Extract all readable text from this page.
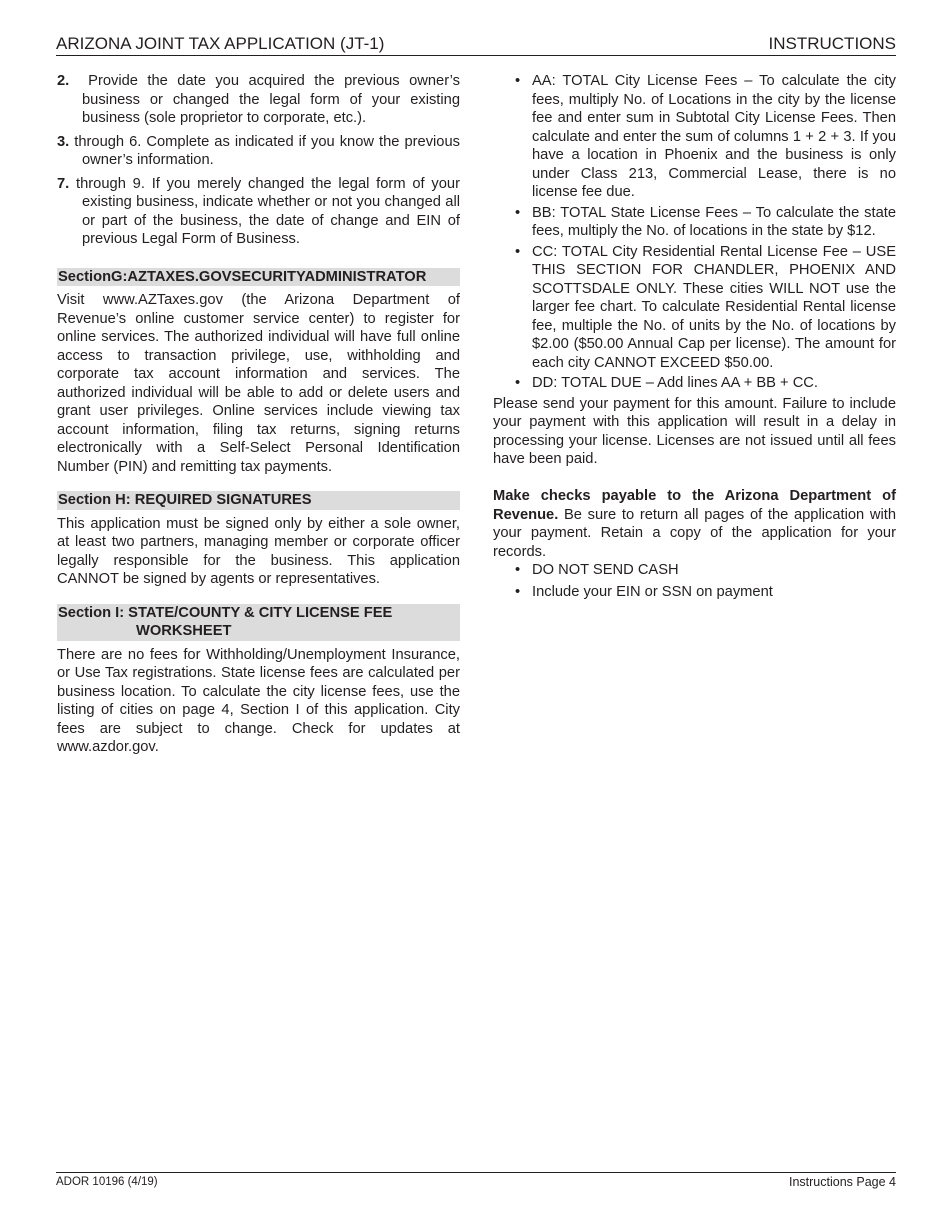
ARIZONA JOINT TAX APPLICATION (JT-1)	INSTRUCTIONS

2. Provide the date you acquired the previous owner’s business or changed the legal form of your existing business (sole proprietor to corporate, etc.).

3. through 6. Complete as indicated if you know the previous owner’s information.

7. through 9. If you merely changed the legal form of your existing business, indicate whether or not you changed all or part of the business, the date of change and EIN of previous Legal Form of Business.

SectionG:AZTAXES.GOVSECURITYADMINISTRATOR

Visit www.AZTaxes.gov (the Arizona Department of Revenue’s online customer service center) to register for online services. The authorized individual will have full online access to transaction privilege, use, withholding and corporate tax account information and services. The authorized individual will be able to add or delete users and grant user privileges. Online services include viewing tax account information, filing tax returns, signing returns electronically with a Self-Select Personal Identification Number (PIN) and remitting tax payments.

Section H: REQUIRED SIGNATURES

This application must be signed only by either a sole owner, at least two partners, managing member or corporate officer legally responsible for the business. This application CANNOT be signed by agents or representatives.

Section I: STATE/COUNTY & CITY LICENSE FEE WORKSHEET

There are no fees for Withholding/Unemployment Insurance, or Use Tax registrations. State license fees are calculated per business location. To calculate the city license fees, use the listing of cities on page 4, Section I of this application. City fees are subject to change. Check for updates at www.azdor.gov.

• AA: TOTAL City License Fees – To calculate the city fees, multiply No. of Locations in the city by the license fee and enter sum in Subtotal City License Fees. Then calculate and enter the sum of columns 1 + 2 + 3. If you have a location in Phoenix and the business is only under Class 213, Commercial Lease, there is no license fee due.
• BB: TOTAL State License Fees – To calculate the state fees, multiply the No. of locations in the state by $12.
• CC: TOTAL City Residential Rental License Fee – USE THIS SECTION FOR CHANDLER, PHOENIX AND SCOTTSDALE ONLY. These cities WILL NOT use the larger fee chart. To calculate Residential Rental license fee, multiple the No. of units by the No. of locations by $2.00 ($50.00 Annual Cap per license). The amount for each city CANNOT EXCEED $50.00.
• DD: TOTAL DUE – Add lines AA + BB + CC.

Please send your payment for this amount. Failure to include your payment with this application will result in a delay in processing your license. Licenses are not issued until all fees have been paid.

Make checks payable to the Arizona Department of Revenue. Be sure to return all pages of the application with your payment. Retain a copy of the application for your records.

• DO NOT SEND CASH
• Include your EIN or SSN on payment
ADOR 10196 (4/19)	Instructions Page 4
